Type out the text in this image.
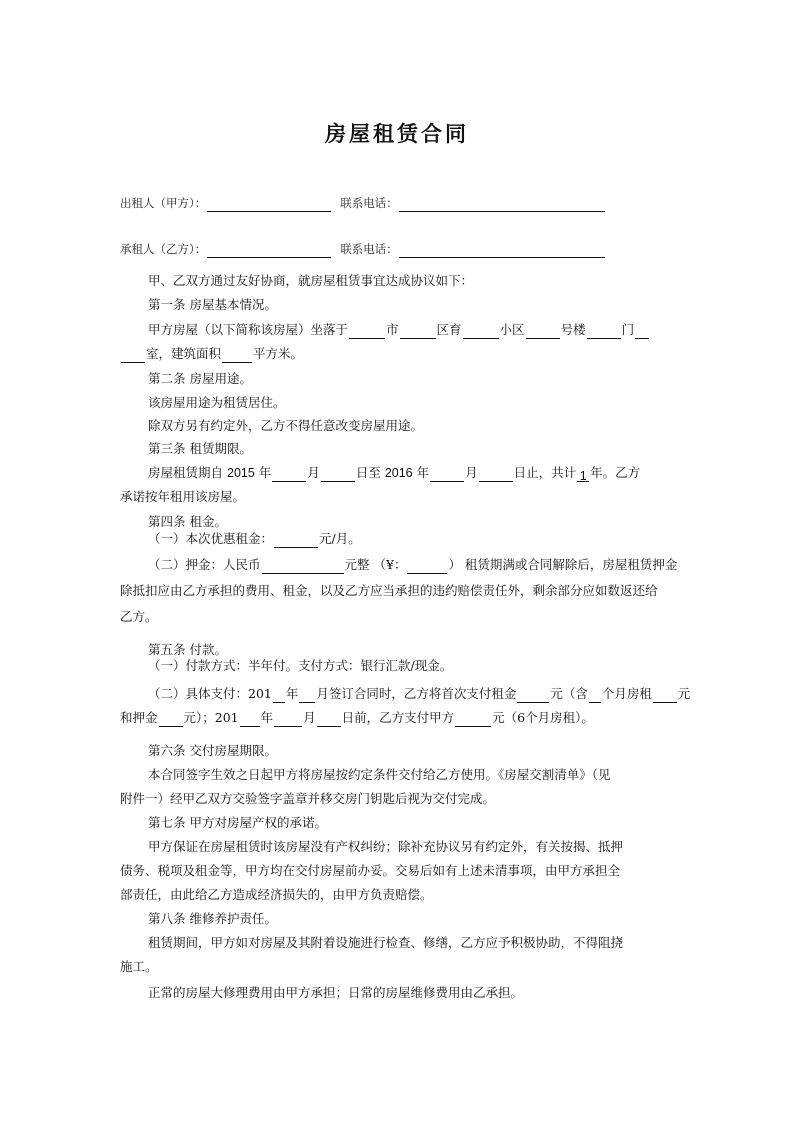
房屋租赁合同
出租人（甲方）：	联系电话：
承租人（乙方）：	联系电话：
甲、乙双方通过友好协商，就房屋租赁事宜达成协议如下：
第一条 房屋基本情况。
甲方房屋（以下简称该房屋）坐落于	市	区育	小区	号楼	门
室，建筑面积	平方米。
第二条 房屋用途。
该房屋用途为租赁居住。
除双方另有约定外，乙方不得任意改变房屋用途。
第三条 租赁期限。
房屋租赁期自 2015 年	月	日至 2016 年	月	日止，共计 1 年。乙方
承诺按年租用该房屋。
第四条 租金。
（一）本次优惠租金：	元/月。
（二）押金：人民币	元整 （¥：	） 租赁期满或合同解除后，房屋租赁押金
除抵扣应由乙方承担的费用、租金，以及乙方应当承担的违约赔偿责任外，剩余部分应如数返还给
乙方。
第五条 付款。
（一）付款方式：半年付。支付方式：银行汇款/现金。
（二）具体支付：201 年 月签订合同时，乙方将首次支付租金	元（含 个月房租 元
和押金 元）；201 年 月 日前，乙方支付甲方	元（6个月房租）。
第六条 交付房屋期限。
本合同签字生效之日起甲方将房屋按约定条件交付给乙方使用。《房屋交割清单》（见
附件一）经甲乙双方交验签字盖章并移交房门钥匙后视为交付完成。
第七条 甲方对房屋产权的承诺。
甲方保证在房屋租赁时该房屋没有产权纠纷；除补充协议另有约定外，有关按揭、抵押
债务、税项及租金等，甲方均在交付房屋前办妥。交易后如有上述未清事项，由甲方承担全
部责任，由此给乙方造成经济损失的，由甲方负责赔偿。
第八条 维修养护责任。
租赁期间，甲方如对房屋及其附着设施进行检查、修缮，乙方应予积极协助，不得阻挠
施工。
正常的房屋大修理费用由甲方承担；日常的房屋维修费用由乙承担。
